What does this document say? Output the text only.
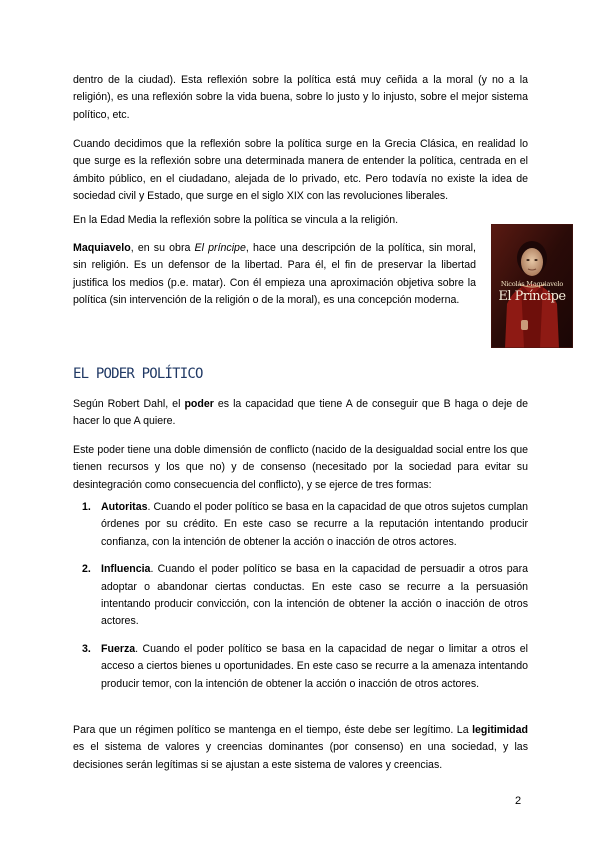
dentro de la ciudad). Esta reflexión sobre la política está muy ceñida a la moral (y no a la religión), es una reflexión sobre la vida buena, sobre lo justo y lo injusto, sobre el mejor sistema político, etc.

Cuando decidimos que la reflexión sobre la política surge en la Grecia Clásica, en realidad lo que surge es la reflexión sobre una determinada manera de entender la política, centrada en el ámbito público, en el ciudadano, alejada de lo privado, etc. Pero todavía no existe la idea de sociedad civil y Estado, que surge en el siglo XIX con las revoluciones liberales.

En la Edad Media la reflexión sobre la política se vincula a la religión.

Maquiavelo, en su obra El príncipe, hace una descripción de la política, sin moral, sin religión. Es un defensor de la libertad. Para él, el fin de preservar la libertad justifica los medios (p.e. matar). Con él empieza una aproximación objetiva sobre la política (sin intervención de la religión o de la moral), es una concepción moderna.

Nicolás Maquiavelo
El Príncipe
EL PODER POLÍTICO

Según Robert Dahl, el poder es la capacidad que tiene A de conseguir que B haga o deje de hacer lo que A quiere.

Este poder tiene una doble dimensión de conflicto (nacido de la desigualdad social entre los que tienen recursos y los que no) y de consenso (necesitado por la sociedad para evitar su desintegración como consecuencia del conflicto), y se ejerce de tres formas:

1. Autoritas. Cuando el poder político se basa en la capacidad de que otros sujetos cumplan órdenes por su crédito. En este caso se recurre a la reputación intentando producir confianza, con la intención de obtener la acción o inacción de otros actores.
2. Influencia. Cuando el poder político se basa en la capacidad de persuadir a otros para adoptar o abandonar ciertas conductas. En este caso se recurre a la persuasión intentando producir convicción, con la intención de obtener la acción o inacción de otros actores.
3. Fuerza. Cuando el poder político se basa en la capacidad de negar o limitar a otros el acceso a ciertos bienes u oportunidades. En este caso se recurre a la amenaza intentando producir temor, con la intención de obtener la acción o inacción de otros actores.

Para que un régimen político se mantenga en el tiempo, éste debe ser legítimo. La legitimidad es el sistema de valores y creencias dominantes (por consenso) en una sociedad, y las decisiones serán legítimas si se ajustan a este sistema de valores y creencias.

2
